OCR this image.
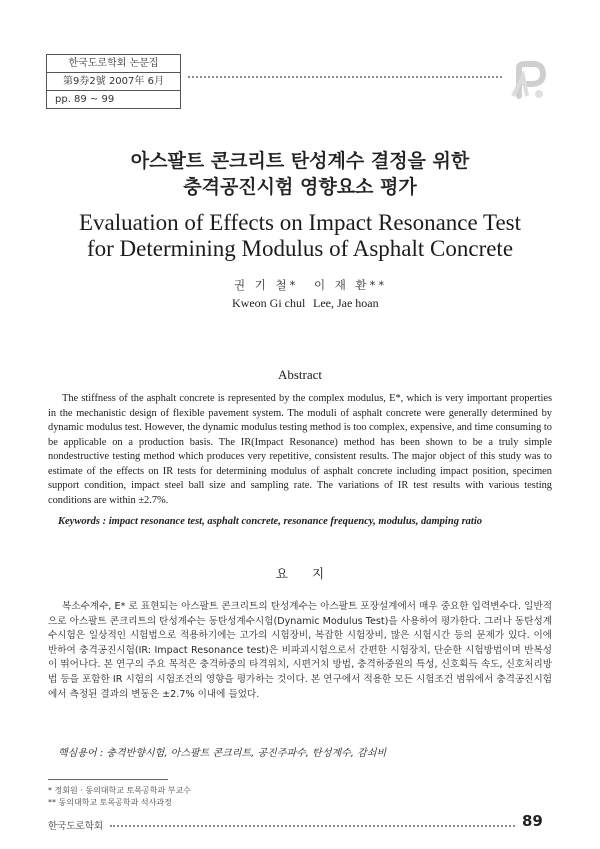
한국도로학회 논문집
第9券2號 2007年 6月
pp. 89 ~ 99
아스팔트 콘크리트 탄성계수 결정을 위한
충격공진시험 영향요소 평가
Evaluation of Effects on Impact Resonance Test
for Determining Modulus of Asphalt Concrete
권 기 철*
Kweon Gi chul
이 재 환**
Lee, Jae hoan
Abstract
The stiffness of the asphalt concrete is represented by the complex modulus, E*, which is very important properties in the mechanistic design of flexible pavement system. The moduli of asphalt concrete were generally determined by dynamic modulus test. However, the dynamic modulus testing method is too complex, expensive, and time consuming to be applicable on a production basis. The IR(Impact Resonance) method has been shown to be a truly simple nondestructive testing method which produces very repetitive, consistent results. The major object of this study was to estimate of the effects on IR tests for determining modulus of asphalt concrete including impact position, specimen support condition, impact steel ball size and sampling rate. The variations of IR test results with various testing conditions are within ±2.7%.
Keywords : impact resonance test, asphalt concrete, resonance frequency, modulus, damping ratio
요지
복소수계수, E* 로 표현되는 아스팔트 콘크리트의 탄성계수는 아스팔트 포장설계에서 매우 중요한 입력변수다. 일반적으로 아스팔트 콘크리트의 탄성계수는 동탄성계수시험(Dynamic Modulus Test)을 사용하여 평가한다. 그러나 동탄성계수시험은 일상적인 시험법으로 적용하기에는 고가의 시험장비, 복잡한 시험장비, 많은 시험시간 등의 문제가 있다. 이에 반하여 충격공진시험(IR: Impact Resonance test)은 비파괴시험으로서 간편한 시험장치, 단순한 시험방법이며 반복성이 뛰어나다. 본 연구의 주요 목적은 충격하중의 타격위치, 시편거치 방법, 충격하중원의 특성, 신호획득 속도, 신호처리방법 등을 포함한 IR 시험의 시험조건의 영향을 평가하는 것이다. 본 연구에서 적용한 모든 시험조건 범위에서 충격공진시험에서 측정된 결과의 변동은 ±2.7% 이내에 들었다.
핵심용어 : 충격반향시험, 아스팔트 콘크리트, 공진주파수, 탄성계수, 감쇠비
* 정회원 · 동의대학교 토목공학과 부교수
** 동의대학교 토목공학과 석사과정
한국도로학회	89
